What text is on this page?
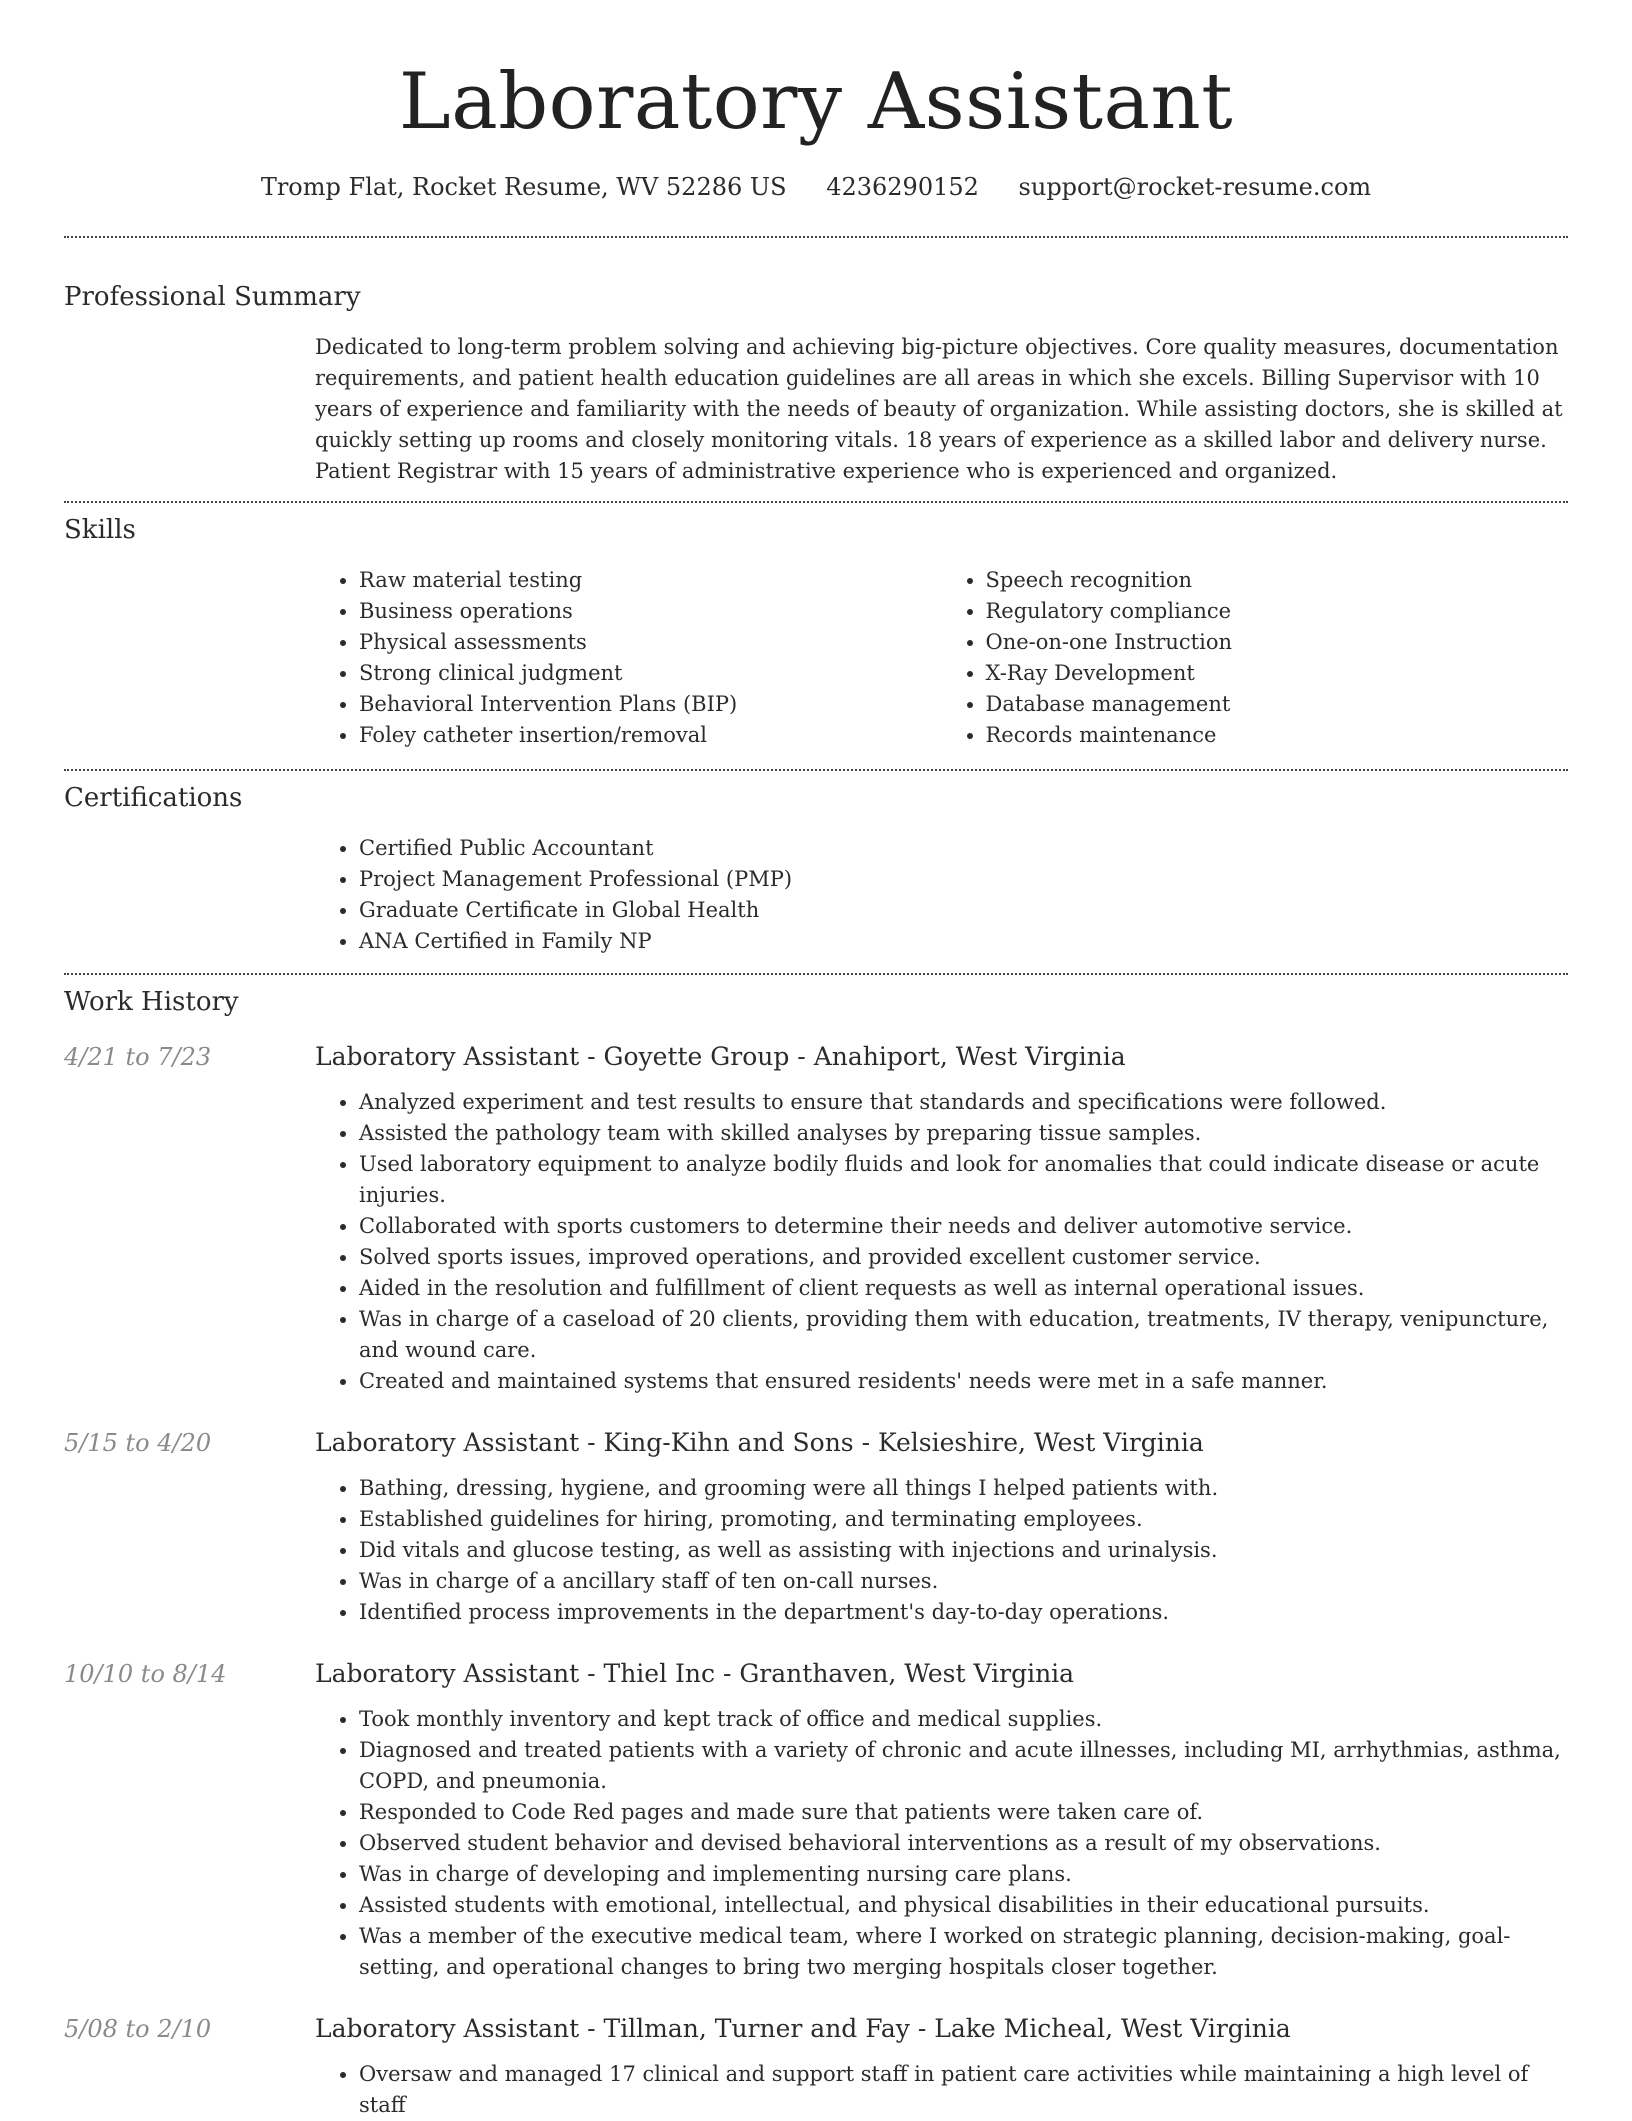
Laboratory Assistant
Tromp Flat, Rocket Resume, WV 52286 US 4236290152 support@rocket-resume.com
Professional Summary

Dedicated to long-term problem solving and achieving big-picture objectives. Core quality measures, documentation requirements, and patient health education guidelines are all areas in which she excels. Billing Supervisor with 10 years of experience and familiarity with the needs of beauty of organization. While assisting doctors, she is skilled at quickly setting up rooms and closely monitoring vitals. 18 years of experience as a skilled labor and delivery nurse. Patient Registrar with 15 years of administrative experience who is experienced and organized.

Skills
• Raw material testing
• Business operations
• Physical assessments
• Strong clinical judgment
• Behavioral Intervention Plans (BIP)
• Foley catheter insertion/removal
• Speech recognition
• Regulatory compliance
• One-on-one Instruction
• X-Ray Development
• Database management
• Records maintenance
Certifications
• Certified Public Accountant
• Project Management Professional (PMP)
• Graduate Certificate in Global Health
• ANA Certified in Family NP
Work History
4/21 to 7/23	Laboratory Assistant - Goyette Group - Anahiport, West Virginia
• Analyzed experiment and test results to ensure that standards and specifications were followed.
• Assisted the pathology team with skilled analyses by preparing tissue samples.
• Used laboratory equipment to analyze bodily fluids and look for anomalies that could indicate disease or acute injuries.
• Collaborated with sports customers to determine their needs and deliver automotive service.
• Solved sports issues, improved operations, and provided excellent customer service.
• Aided in the resolution and fulfillment of client requests as well as internal operational issues.
• Was in charge of a caseload of 20 clients, providing them with education, treatments, IV therapy, venipuncture, and wound care.
• Created and maintained systems that ensured residents' needs were met in a safe manner.
5/15 to 4/20	Laboratory Assistant - King-Kihn and Sons - Kelsieshire, West Virginia
• Bathing, dressing, hygiene, and grooming were all things I helped patients with.
• Established guidelines for hiring, promoting, and terminating employees.
• Did vitals and glucose testing, as well as assisting with injections and urinalysis.
• Was in charge of a ancillary staff of ten on-call nurses.
• Identified process improvements in the department's day-to-day operations.
10/10 to 8/14	Laboratory Assistant - Thiel Inc - Granthaven, West Virginia
• Took monthly inventory and kept track of office and medical supplies.
• Diagnosed and treated patients with a variety of chronic and acute illnesses, including MI, arrhythmias, asthma, COPD, and pneumonia.
• Responded to Code Red pages and made sure that patients were taken care of.
• Observed student behavior and devised behavioral interventions as a result of my observations.
• Was in charge of developing and implementing nursing care plans.
• Assisted students with emotional, intellectual, and physical disabilities in their educational pursuits.
• Was a member of the executive medical team, where I worked on strategic planning, decision-making, goal-setting, and operational changes to bring two merging hospitals closer together.
5/08 to 2/10	Laboratory Assistant - Tillman, Turner and Fay - Lake Micheal, West Virginia
• Oversaw and managed 17 clinical and support staff in patient care activities while maintaining a high level of staff
